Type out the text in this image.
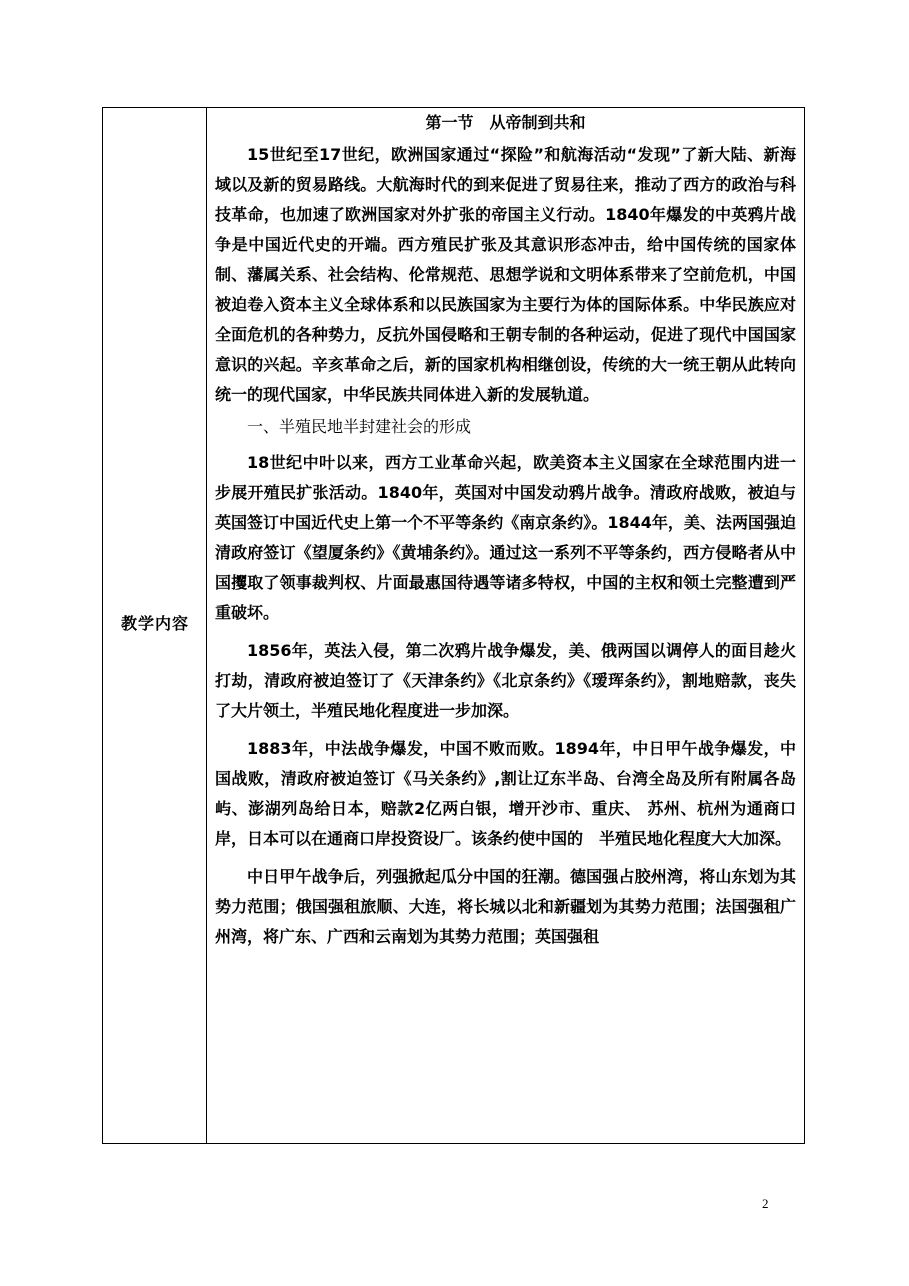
教学内容
第一节　从帝制到共和

15世纪至17世纪，欧洲国家通过“探险”和航海活动“发现”了新大陆、新海域以及新的贸易路线。大航海时代的到来促进了贸易往来，推动了西方的政治与科技革命，也加速了欧洲国家对外扩张的帝国主义行动。1840年爆发的中英鸦片战争是中国近代史的开端。西方殖民扩张及其意识形态冲击，给中国传统的国家体制、藩属关系、社会结构、伦常规范、思想学说和文明体系带来了空前危机，中国被迫卷入资本主义全球体系和以民族国家为主要行为体的国际体系。中华民族应对全面危机的各种势力，反抗外国侵略和王朝专制的各种运动，促进了现代中国国家意识的兴起。辛亥革命之后，新的国家机构相继创设，传统的大一统王朝从此转向统一的现代国家，中华民族共同体进入新的发展轨道。

一、半殖民地半封建社会的形成

18世纪中叶以来，西方工业革命兴起，欧美资本主义国家在全球范围内进一步展开殖民扩张活动。1840年，英国对中国发动鸦片战争。清政府战败，被迫与英国签订中国近代史上第一个不平等条约《南京条约》。1844年，美、法两国强迫清政府签订《望厦条约》《黄埔条约》。通过这一系列不平等条约，西方侵略者从中国攫取了领事裁判权、片面最惠国待遇等诸多特权，中国的主权和领土完整遭到严重破坏。

1856年，英法入侵，第二次鸦片战争爆发，美、俄两国以调停人的面目趁火打劫，清政府被迫签订了《天津条约》《北京条约》《瑷珲条约》，割地赔款，丧失了大片领土，半殖民地化程度进一步加深。

1883年，中法战争爆发，中国不败而败。1894年，中日甲午战争爆发，中国战败，清政府被迫签订《马关条约》,割让辽东半岛、台湾全岛及所有附属各岛屿、澎湖列岛给日本，赔款2亿两白银，增开沙市、重庆、 苏州、杭州为通商口岸，日本可以在通商口岸投资设厂。该条约使中国的　半殖民地化程度大大加深。

中日甲午战争后，列强掀起瓜分中国的狂潮。德国强占胶州湾，将山东划为其势力范围；俄国强租旅顺、大连，将长城以北和新疆划为其势力范围；法国强租广州湾，将广东、广西和云南划为其势力范围；英国强租

2
